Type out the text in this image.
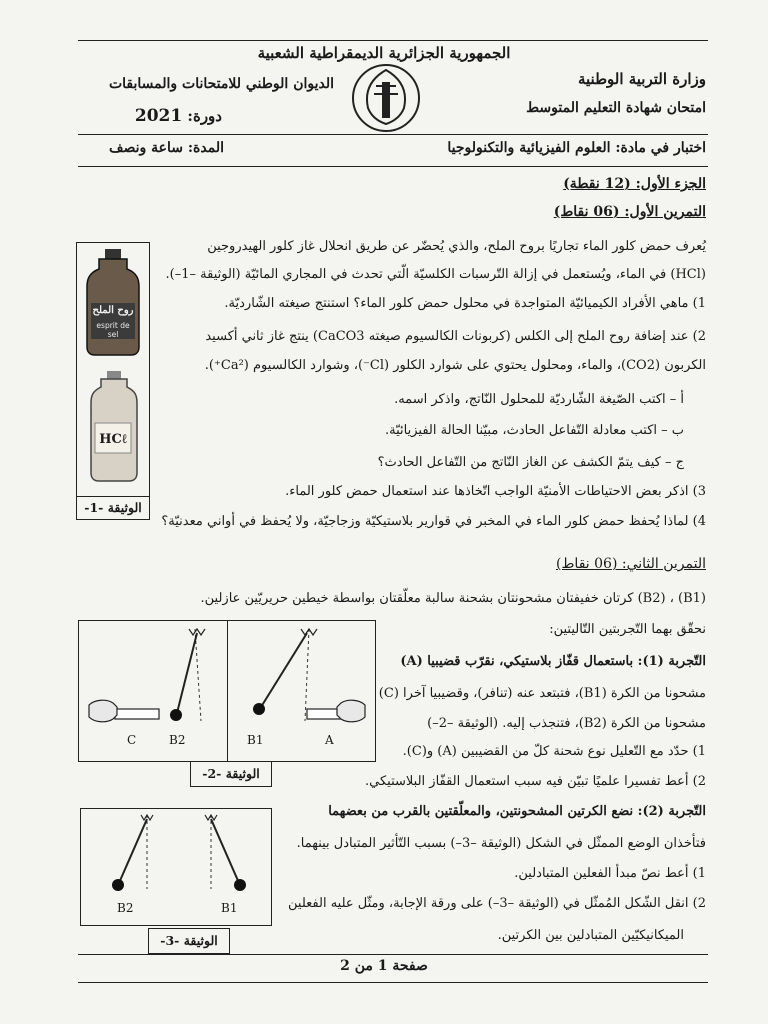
الجمهورية الجزائرية الديمقراطية الشعبية
وزارة التربية الوطنية
امتحان شهادة التعليم المتوسط
الديوان الوطني للامتحانات والمسابقات
دورة: 2021
اختبار في مادة: العلوم الفيزيائية والتكنولوجيا
المدة: ساعة ونصف
الجزء الأول: (12 نقطة)
التمرين الأول: (06 نقاط)
يُعرف حمض كلور الماء تجاريًا بروح الملح، والذي يُحضّر عن طريق انحلال غاز كلور الهيدروجين
(HCl) في الماء، ويُستعمل في إزالة التّرسبات الكلسيّة الّتي تحدث في المجاري المائيّة (الوثيقة –1–).
1) ماهي الأفراد الكيميائيّة المتواجدة في محلول حمض كلور الماء؟ استنتج صيغته الشّارديّة.
2) عند إضافة روح الملح إلى الكلس (كربونات الكالسيوم صيغته CaCO3) ينتج غاز ثاني أكسيد
الكربون (CO2)، والماء، ومحلول يحتوي على شوارد الكلور (Cl⁻)، وشوارد الكالسيوم (Ca²⁺).
أ – اكتب الصّيغة الشّارديّة للمحلول النّاتج، واذكر اسمه.
ب – اكتب معادلة التّفاعل الحادث، مبيّنا الحالة الفيزيائيّة.
ج – كيف يتمّ الكشف عن الغاز النّاتج من التّفاعل الحادث؟
3) اذكر بعض الاحتياطات الأمنيّة الواجب اتّخاذها عند استعمال حمض كلور الماء.
4) لماذا يُحفظ حمض كلور الماء في المخبر في قوارير بلاستيكيّة وزجاجيّة، ولا يُحفظ في أواني معدنيّة؟
روح الملح
esprit de sel
HCℓ
الوثيقة -1-
التمرين الثاني: (06 نقاط)
(B1) ، (B2) كرتان خفيفتان مشحونتان بشحنة سالبة معلّقتان بواسطة خيطين حريريّين عازلين.
نحقّق بهما التّجربتين التّاليتين:
التّجربة (1): باستعمال قفّاز بلاستيكي، نقرّب قضيبيا (A)
مشحونا من الكرة (B1)، فتبتعد عنه (تنافر)، وقضيبيا آخرا (C)
مشحونا من الكرة (B2)، فتنجذب إليه. (الوثيقة –2–)
1) حدّد مع التّعليل نوع شحنة كلّ من القضيبين (A) و(C).
2) أعط تفسيرا علميًا تبيّن فيه سبب استعمال القفّاز البلاستيكي.
التّجربة (2): نضع الكرتين المشحونتين، والمعلّقتين بالقرب من بعضهما
فتأخذان الوضع الممثّل في الشكل (الوثيقة –3–) بسبب التّأثير المتبادل بينهما.
1) أعط نصّ مبدأ الفعلين المتبادلين.
2) انقل الشّكل المُمثّل في (الوثيقة –3–) على ورقة الإجابة، ومثّل عليه الفعلين
الميكانيكيّين المتبادلين بين الكرتين.
C	B2	B1	A
الوثيقة -2-
B2	B1
الوثيقة -3-
صفحة 1 من 2
